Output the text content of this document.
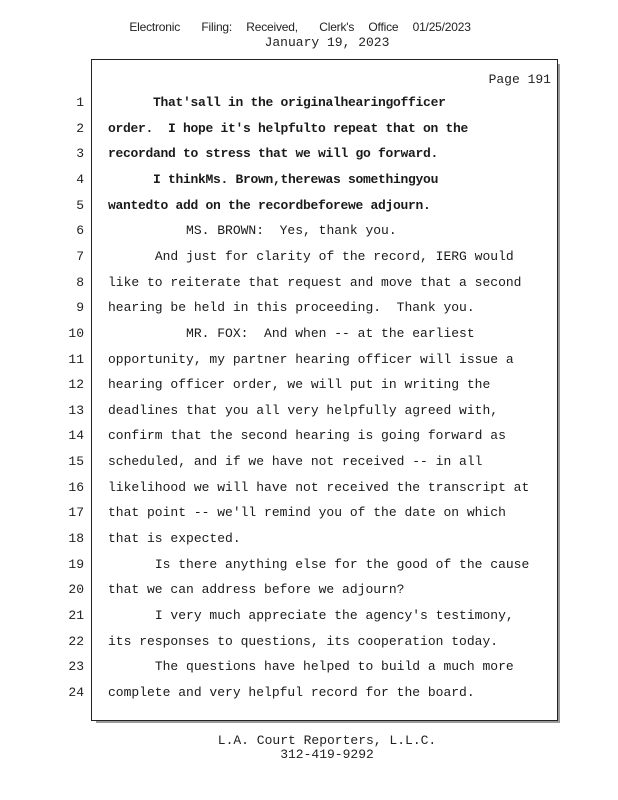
Electronic   Filing:  Received,   Clerk's  Office  01/25/2023
January 19, 2023
Page 191
1	That'sall in the originalhearingofficer
2 order.  I hope it's helpfulto repeat that on the
3 recordand to stress that we will go forward.
4	I thinkMs. Brown,therewas somethingyou
5 wantedto add on the recordbeforewe adjourn.
6	MS. BROWN:  Yes, thank you.
7	And just for clarity of the record, IERG would
8 like to reiterate that request and move that a second
9 hearing be held in this proceeding.  Thank you.
10	MR. FOX:  And when -- at the earliest
11 opportunity, my partner hearing officer will issue a
12 hearing officer order, we will put in writing the
13 deadlines that you all very helpfully agreed with,
14 confirm that the second hearing is going forward as
15 scheduled, and if we have not received -- in all
16 likelihood we will have not received the transcript at
17 that point -- we'll remind you of the date on which
18 that is expected.
19	Is there anything else for the good of the cause
20 that we can address before we adjourn?
21	I very much appreciate the agency's testimony,
22 its responses to questions, its cooperation today.
23	The questions have helped to build a much more
24 complete and very helpful record for the board.
L.A. Court Reporters, L.L.C.
312-419-9292
